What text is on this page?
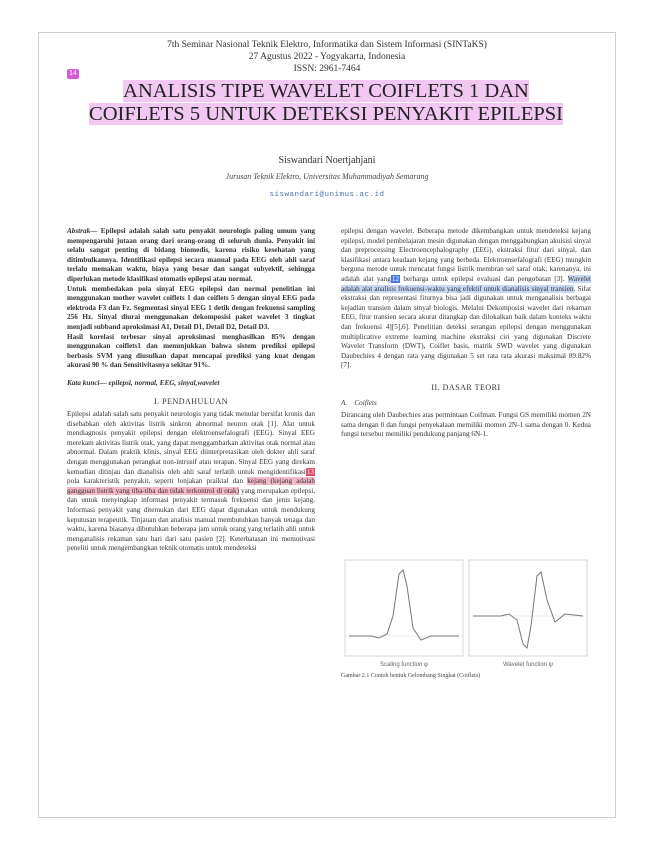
7th Seminar Nasional Teknik Elektro, Informatika dan Sistem Informasi (SINTaKS)
27 Agustus 2022 - Yogyakarta, Indonesia
ISSN: 2961-7464
14
ANALISIS TIPE WAVELET COIFLETS 1 DAN COIFLETS 5 UNTUK DETEKSI PENYAKIT EPILEPSI
Siswandari Noertjahjani
Jurusan Teknik Elektro, Universitas Muhammadiyah Semarang
siswandari@unimus.ac.id

Abstrak— Epilepsi adalah salah satu penyakit neurologis paling umum yang mempengaruhi jutaan orang dari orang-orang di seluruh dunia. Penyakit ini selalu sangat penting di bidang biomedis, karena risiko kesehatan yang ditimbulkannya. Identifikasi epilepsi secara manual pada EEG oleh ahli saraf terlalu memakan waktu, biaya yang besar dan sangat subyektif, sehingga diperlukan metode klasifikasi otomatis epilepsi atau normal.

Untuk membedakan pola sinyal EEG epilepsi dan normal penelitian ini menggunakan mother wavelet coiflets 1 dan coiflets 5 dengan sinyal EEG pada elektroda F3 dan Fz. Segmentasi sinyal EEG 1 detik dengan frekuensi sampling 256 Hz. Sinyal diurai menggunakan dekomposisi paket wavelet 3 tingkat menjadi subband aproksimasi A1, Detail D1, Detail D2, Detail D3.

Hasil korelasi terbesar sinyal aproksimasi menghasilkan 85% dengan menggunakan coiflets1 dan menunjukkan bahwa sistem prediksi epilepsi berbasis SVM yang diusulkan dapat mencapai prediksi yang kuat dengan akurasi 90 % dan Sensitivitasnya sekitar 91%.

Kata kunci— epilepsi, normal, EEG, sinyal,wavelet

I. PENDAHULUAN

Epilepsi adalah salah satu penyakit neurologis yang tidak menular bersifat kronis dan disebabkan oleh aktivitas listrik sinkron abnormal neuron otak [1]. Alat untuk mendiagnosis penyakit epilepsi dengan elektroensefalografi (EEG). Sinyal EEG merekam aktivitas listrik otak, yang dapat menggambarkan aktivitas otak normal atau abnormal. Dalam praktik klinis, sinyal EEG diinterpretasikan oleh dokter ahli saraf dengan menggunakan perangkat non-intrusif atau terapan. Sinyal EEG yang direkam kemudian ditinjau dan dianalisis oleh ahli saraf terlatih untuk mengidentifikasi13 pola karakteristik penyakit, seperti lonjakan praiktal dan kejang (kejang adalah gangguan listrik yang tiba-tiba dan tidak terkontrol di otak) yang merupakan epilepsi, dan untuk menyingkap informasi penyakit termasuk frekuensi dan jenis kejang. Informasi penyakit yang ditemukan dari EEG dapat digunakan untuk mendukung keputusan terapeutik. Tinjauan dan analisis manual membutuhkan banyak tenaga dan waktu, karena biasanya dibutuhkan beberapa jam untuk orang yang terlatih ahli untuk menganalisis rekaman satu hari dari satu pasien [2]. Keterbatasan ini memotivasi peneliti untuk mengembangkan teknik otomatis untuk mendeteksi

epilepsi dengan wavelet. Beberapa metode dikembangkan untuk mendeteksi kejang epilepsi, model pembelajaran mesin digunakan dengan menggabungkan akuisisi sinyal dan preprocessing Electroencephalography (EEG), ekstraksi fitur dari sinyal, dan klasifikasi antara keadaan kejang yang berbeda. Elektroensefalografi (EEG) mungkin berguna metode untuk mencatat fungsi listrik membran sel saraf otak; karenanya, ini adalah alat yang12 berharga untuk epilepsi evaluasi dan pengobatan [3]. Wavelet adalah alat analisis frekuensi-waktu yang efektif untuk dianalisis sinyal transien. Sifat ekstraksi dan representasi fiturnya bisa jadi digunakan untuk menganalisis berbagai kejadian transien dalam sinyal biologis. Melalui Dekomposisi wavelet dari rekaman EEG, fitur transien secara akurat ditangkap dan dilokalkan baik dalam konteks waktu dan frekuensi 4][5],6]. Penelitian deteksi serangan epilepsi dengan menggunakan multiplicative extreme learning machine ekstraksi ciri yang digunakan Discrete Wavelet Transform (DWT), Coiflet basis, matrik SWD wavelet yang digunakan Daubechies 4 dengan rata yang digunakan 5 set rata rata akurasi maksimal 89.82% [7].

II. DASAR TEORI

A. Coiflets

Dirancang oleh Daubechies atas permintaan Coifman. Fungsi GS memiliki momen 2N sama dengan 0 dan fungsi penyekalaan memiliki momen 2N-1 sama dengan 0. Kedua fungsi tersebut memiliki pendukung panjang 6N-1.

Scaling function φ	Wavelet function ψ
Gambar 2.1 Contoh bentuk Gelombang Singkat (Coiflets)
